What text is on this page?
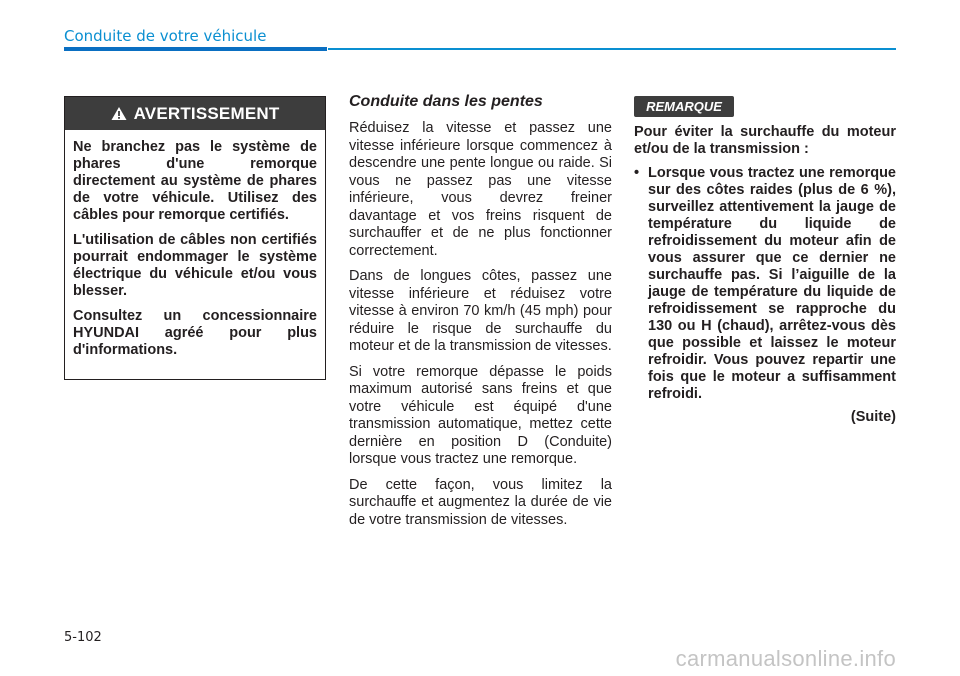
Conduite de votre véhicule
AVERTISSEMENT

Ne branchez pas le système de phares d'une remorque directement au système de phares de votre véhicule. Utilisez des câbles pour remorque certifiés.

L'utilisation de câbles non certifiés pourrait endommager le système électrique du véhicule et/ou vous blesser.

Consultez un concessionnaire HYUNDAI agréé pour plus d'informations.

Conduite dans les pentes

Réduisez la vitesse et passez une vitesse inférieure lorsque commencez à descendre une pente longue ou raide. Si vous ne passez pas une vitesse inférieure, vous devrez freiner davantage et vos freins risquent de surchauffer et de ne plus fonctionner correctement.

Dans de longues côtes, passez une vitesse inférieure et réduisez votre vitesse à environ 70 km/h (45 mph) pour réduire le risque de surchauffe du moteur et de la transmission de vitesses.

Si votre remorque dépasse le poids maximum autorisé sans freins et que votre véhicule est équipé d'une transmission automatique, mettez cette dernière en position D (Conduite) lorsque vous tractez une remorque.

De cette façon, vous limitez la surchauffe et augmentez la durée de vie de votre transmission de vitesses.

REMARQUE

Pour éviter la surchauffe du moteur et/ou de la transmission :

• Lorsque vous tractez une remorque sur des côtes raides (plus de 6 %), surveillez attentivement la jauge de température du liquide de refroidissement du moteur afin de vous assurer que ce dernier ne surchauffe pas. Si l’aiguille de la jauge de température du liquide de refroidissement se rapproche du 130 ou H (chaud), arrêtez-vous dès que possible et laissez le moteur refroidir. Vous pouvez repartir une fois que le moteur a suffisamment refroidi.
(Suite)
5-102
carmanualsonline.info
